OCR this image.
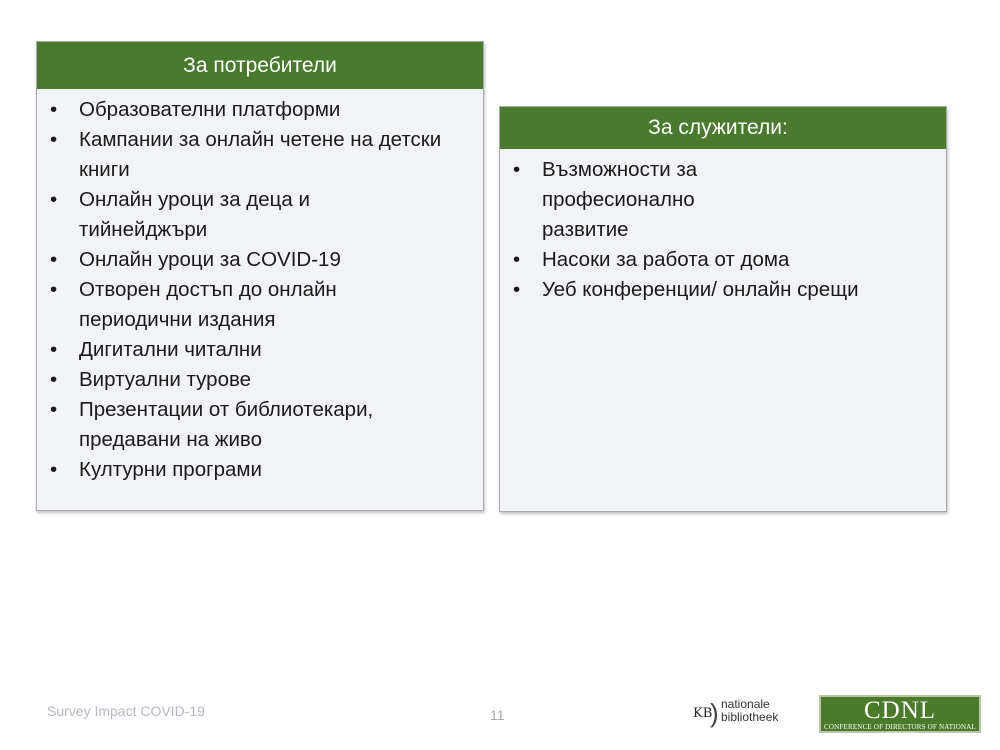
За потребители
• Образователни платформи
• Кампании за онлайн четене на детски книги
• Онлайн уроци за деца и тийнейджъри
• Онлайн уроци за COVID-19
• Отворен достъп до онлайн периодични издания
• Дигитални читални
• Виртуални турове
• Презентации от библиотекари, предавани на живо
• Културни програми
За служители:
• Възможности за професионално развитие
• Насоки за работа от дома
• Уеб конференции/ онлайн срещи
Survey Impact COVID-19	11	KB
) nationale
bibliotheek	CDNL
CONFERENCE OF DIRECTORS OF NATIONAL LIBRARIES
